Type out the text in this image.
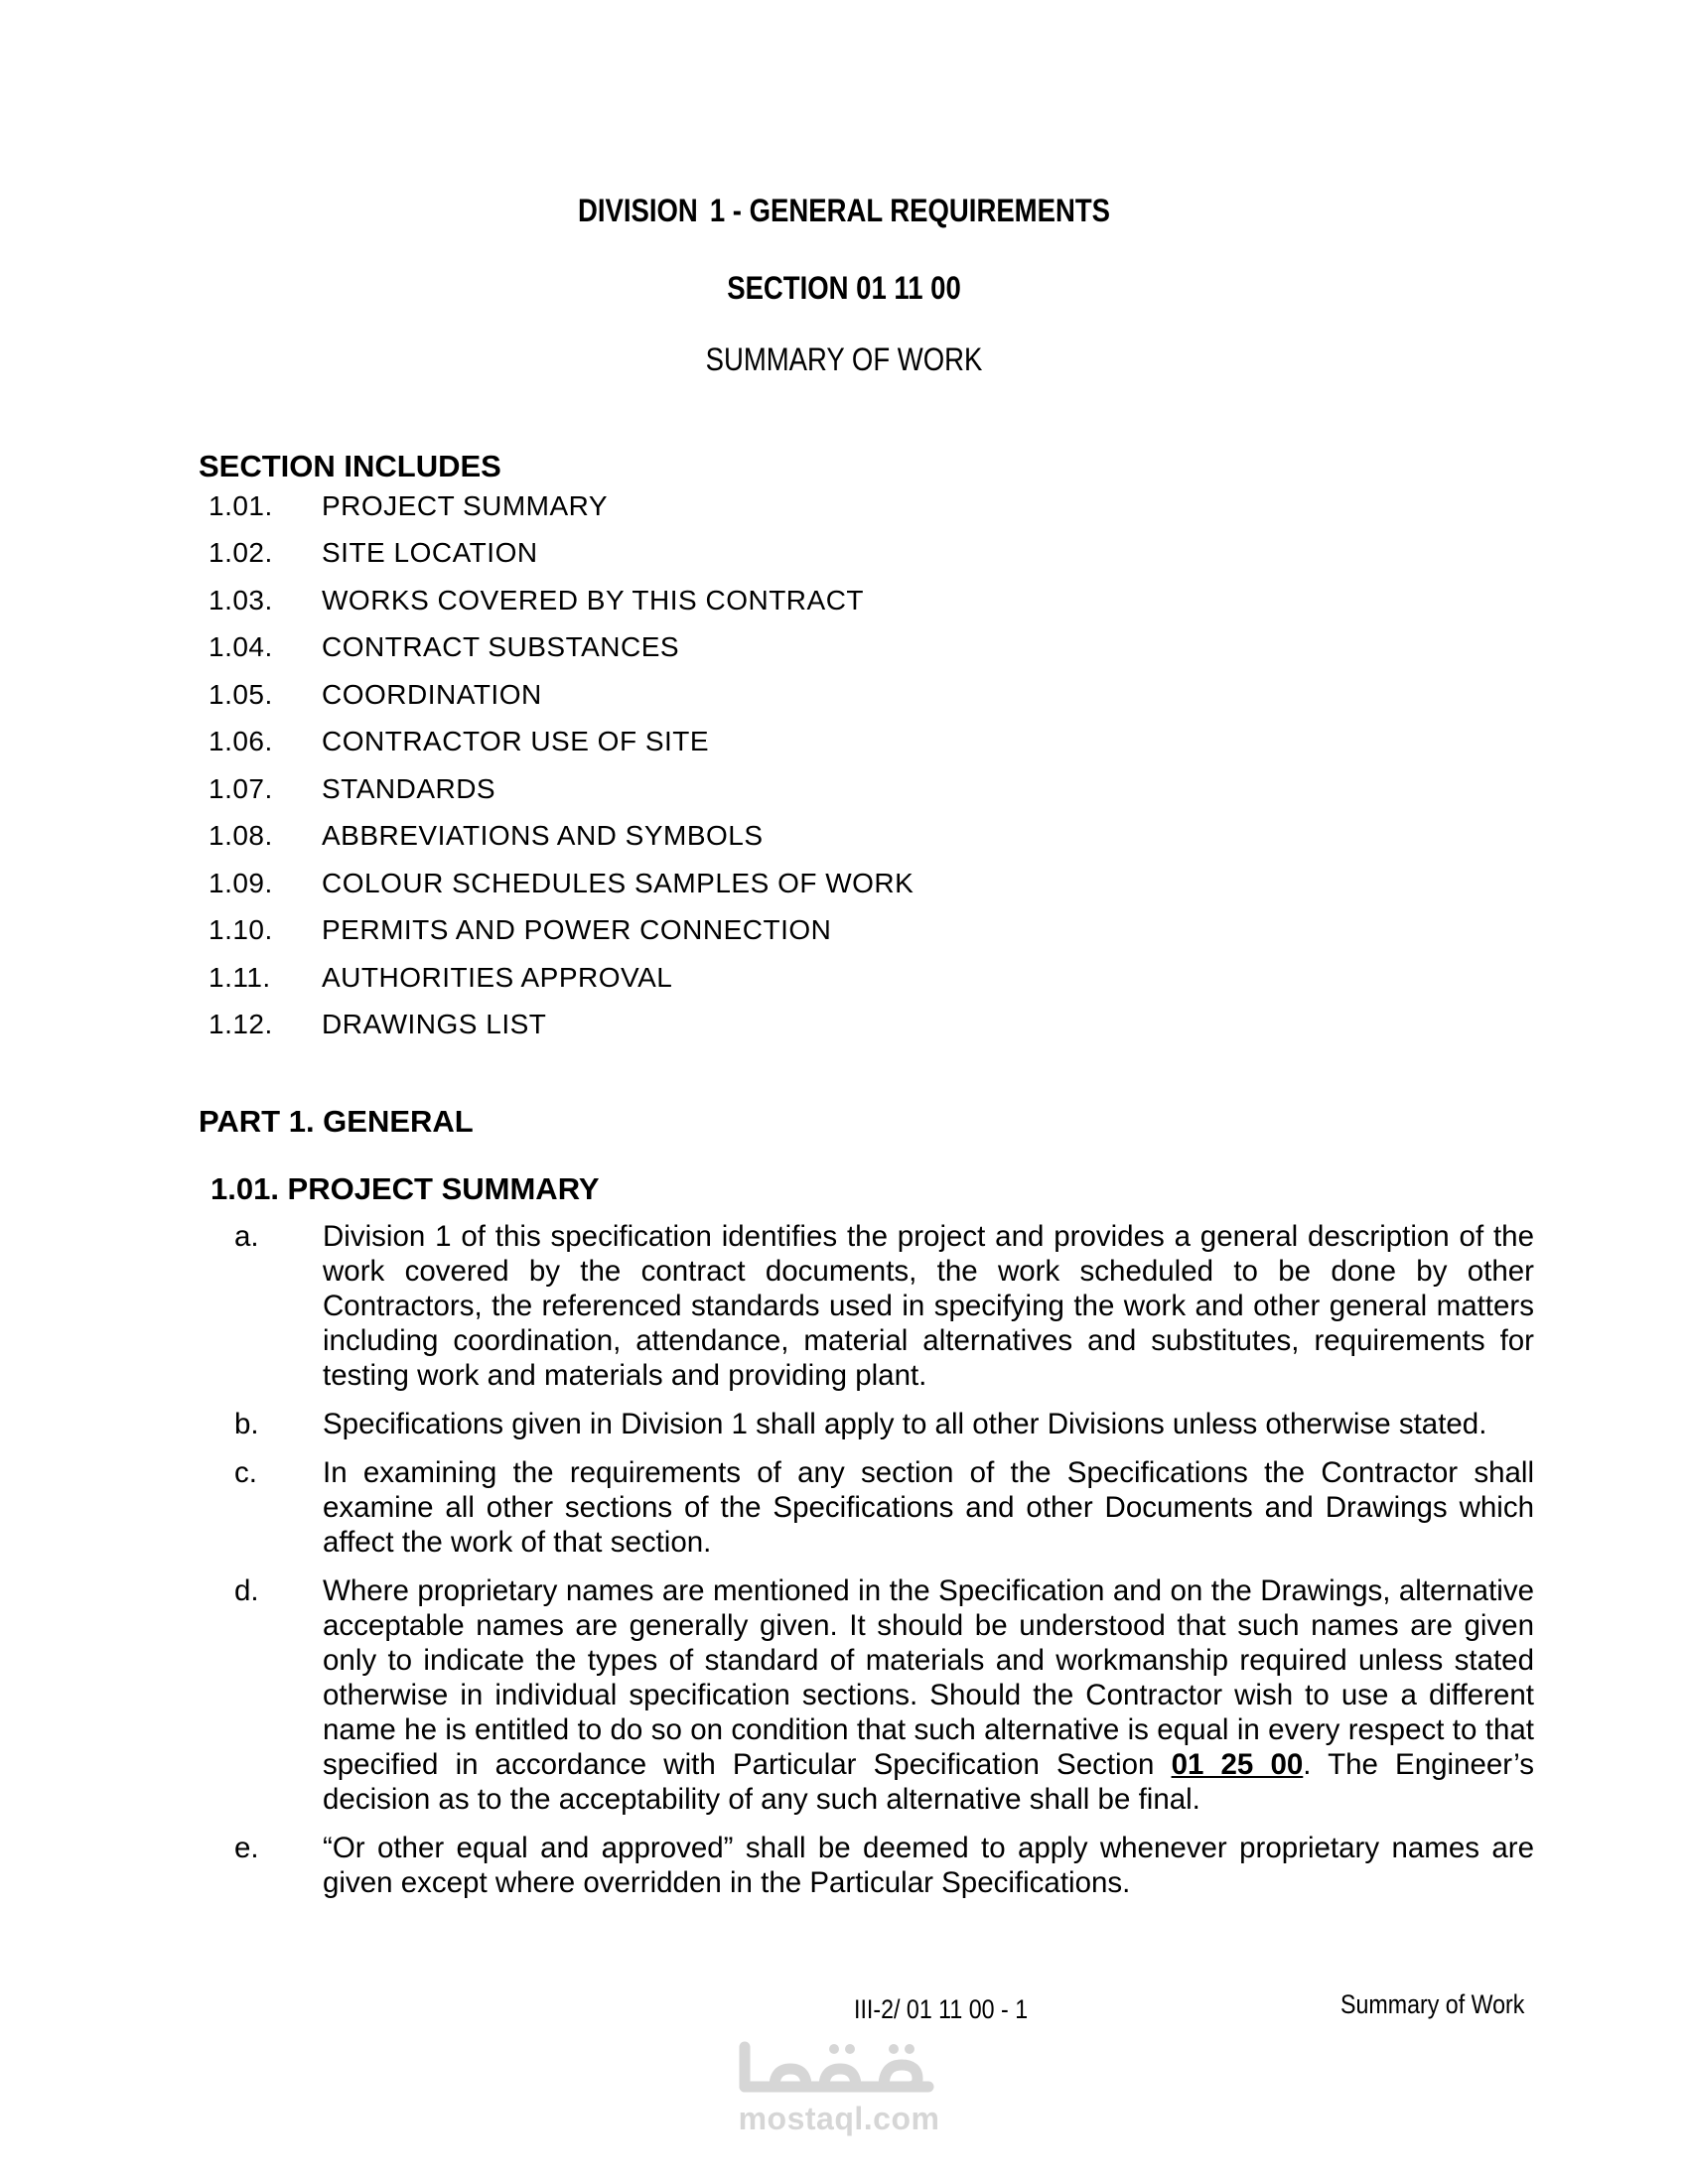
DIVISION 1 - GENERAL REQUIREMENTS
SECTION 01 11 00
SUMMARY OF WORK
SECTION INCLUDES
1.01. PROJECT SUMMARY
1.02. SITE LOCATION
1.03. WORKS COVERED BY THIS CONTRACT
1.04. CONTRACT SUBSTANCES
1.05. COORDINATION
1.06. CONTRACTOR USE OF SITE
1.07. STANDARDS
1.08. ABBREVIATIONS AND SYMBOLS
1.09. COLOUR SCHEDULES SAMPLES OF WORK
1.10. PERMITS AND POWER CONNECTION
1.11. AUTHORITIES APPROVAL
1.12. DRAWINGS LIST
PART 1. GENERAL
1.01. PROJECT SUMMARY
a. Division 1 of this specification identifies the project and provides a general description of the work covered by the contract documents, the work scheduled to be done by other Contractors, the referenced standards used in specifying the work and other general matters including coordination, attendance, material alternatives and substitutes, requirements for testing work and materials and providing plant.
b. Specifications given in Division 1 shall apply to all other Divisions unless otherwise stated.
c. In examining the requirements of any section of the Specifications the Contractor shall examine all other sections of the Specifications and other Documents and Drawings which affect the work of that section.
d. Where proprietary names are mentioned in the Specification and on the Drawings, alternative acceptable names are generally given. It should be understood that such names are given only to indicate the types of standard of materials and workmanship required unless stated otherwise in individual specification sections. Should the Contractor wish to use a different name he is entitled to do so on condition that such alternative is equal in every respect to that specified in accordance with Particular Specification Section 01 25 00. The Engineer’s decision as to the acceptability of any such alternative shall be final.
e. “Or other equal and approved” shall be deemed to apply whenever proprietary names are given except where overridden in the Particular Specifications.
III-2/ 01 11 00 - 1	Summary of Work
mostaql.com
